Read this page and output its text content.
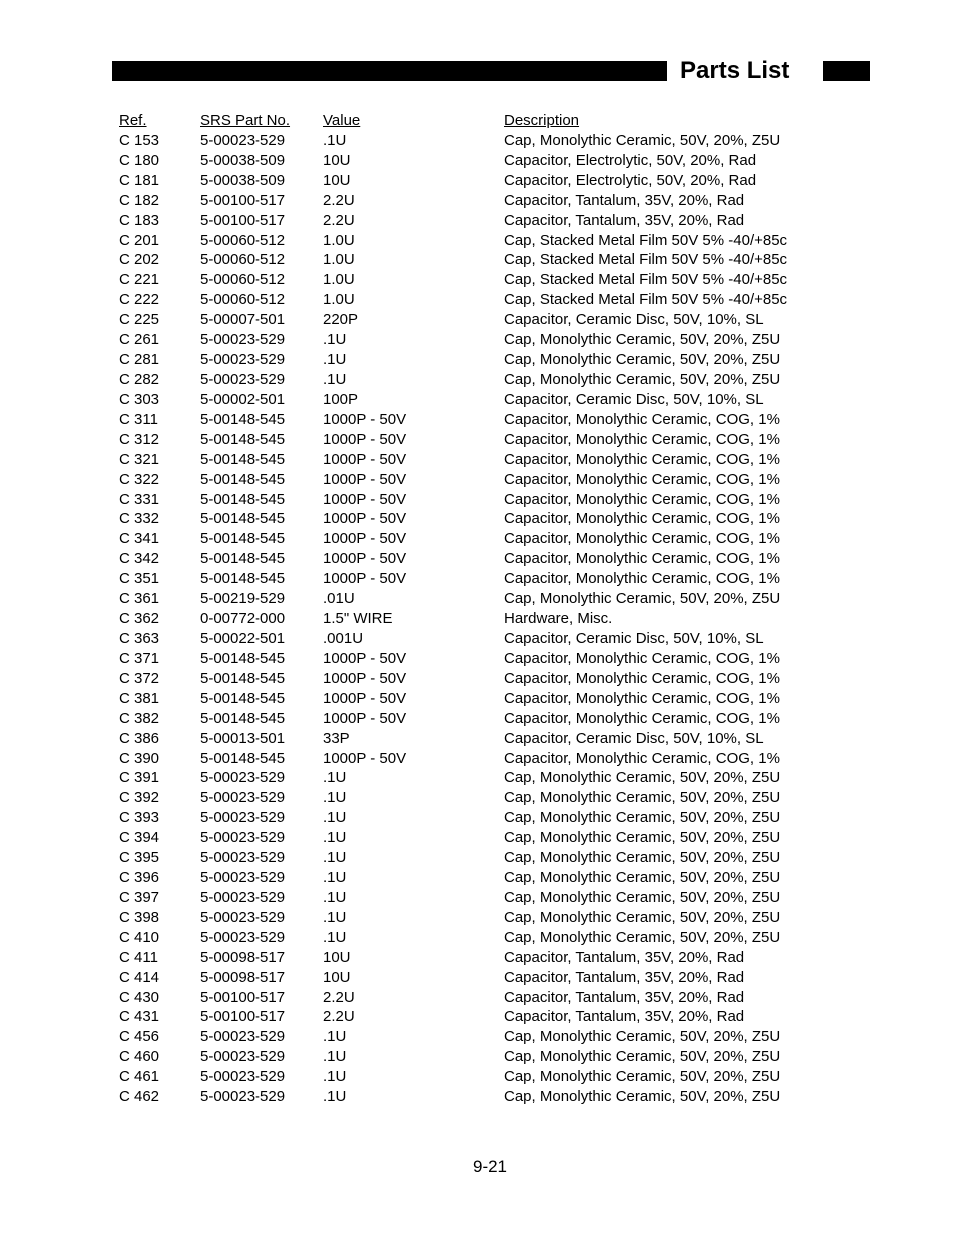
Parts List
Ref.	SRS Part No. Value	Description
C 153	5-00023-529	.1U	Cap, Monolythic Ceramic, 50V, 20%, Z5U
C 180	5-00038-509	10U	Capacitor, Electrolytic, 50V, 20%, Rad
C 181	5-00038-509	10U	Capacitor, Electrolytic, 50V, 20%, Rad
C 182	5-00100-517	2.2U	Capacitor, Tantalum, 35V, 20%, Rad
C 183	5-00100-517	2.2U	Capacitor, Tantalum, 35V, 20%, Rad
C 201	5-00060-512	1.0U	Cap, Stacked Metal Film 50V 5% -40/+85c
C 202	5-00060-512	1.0U	Cap, Stacked Metal Film 50V 5% -40/+85c
C 221	5-00060-512	1.0U	Cap, Stacked Metal Film 50V 5% -40/+85c
C 222	5-00060-512	1.0U	Cap, Stacked Metal Film 50V 5% -40/+85c
C 225	5-00007-501	220P	Capacitor, Ceramic Disc, 50V, 10%, SL
C 261	5-00023-529	.1U	Cap, Monolythic Ceramic, 50V, 20%, Z5U
C 281	5-00023-529	.1U	Cap, Monolythic Ceramic, 50V, 20%, Z5U
C 282	5-00023-529	.1U	Cap, Monolythic Ceramic, 50V, 20%, Z5U
C 303	5-00002-501	100P	Capacitor, Ceramic Disc, 50V, 10%, SL
C 311	5-00148-545	1000P - 50V	Capacitor, Monolythic Ceramic, COG, 1%
C 312	5-00148-545	1000P - 50V	Capacitor, Monolythic Ceramic, COG, 1%
C 321	5-00148-545	1000P - 50V	Capacitor, Monolythic Ceramic, COG, 1%
C 322	5-00148-545	1000P - 50V	Capacitor, Monolythic Ceramic, COG, 1%
C 331	5-00148-545	1000P - 50V	Capacitor, Monolythic Ceramic, COG, 1%
C 332	5-00148-545	1000P - 50V	Capacitor, Monolythic Ceramic, COG, 1%
C 341	5-00148-545	1000P - 50V	Capacitor, Monolythic Ceramic, COG, 1%
C 342	5-00148-545	1000P - 50V	Capacitor, Monolythic Ceramic, COG, 1%
C 351	5-00148-545	1000P - 50V	Capacitor, Monolythic Ceramic, COG, 1%
C 361	5-00219-529	.01U	Cap, Monolythic Ceramic, 50V, 20%, Z5U
C 362	0-00772-000	1.5" WIRE	Hardware, Misc.
C 363	5-00022-501	.001U	Capacitor, Ceramic Disc, 50V, 10%, SL
C 371	5-00148-545	1000P - 50V	Capacitor, Monolythic Ceramic, COG, 1%
C 372	5-00148-545	1000P - 50V	Capacitor, Monolythic Ceramic, COG, 1%
C 381	5-00148-545	1000P - 50V	Capacitor, Monolythic Ceramic, COG, 1%
C 382	5-00148-545	1000P - 50V	Capacitor, Monolythic Ceramic, COG, 1%
C 386	5-00013-501	33P	Capacitor, Ceramic Disc, 50V, 10%, SL
C 390	5-00148-545	1000P - 50V	Capacitor, Monolythic Ceramic, COG, 1%
C 391	5-00023-529	.1U	Cap, Monolythic Ceramic, 50V, 20%, Z5U
C 392	5-00023-529	.1U	Cap, Monolythic Ceramic, 50V, 20%, Z5U
C 393	5-00023-529	.1U	Cap, Monolythic Ceramic, 50V, 20%, Z5U
C 394	5-00023-529	.1U	Cap, Monolythic Ceramic, 50V, 20%, Z5U
C 395	5-00023-529	.1U	Cap, Monolythic Ceramic, 50V, 20%, Z5U
C 396	5-00023-529	.1U	Cap, Monolythic Ceramic, 50V, 20%, Z5U
C 397	5-00023-529	.1U	Cap, Monolythic Ceramic, 50V, 20%, Z5U
C 398	5-00023-529	.1U	Cap, Monolythic Ceramic, 50V, 20%, Z5U
C 410	5-00023-529	.1U	Cap, Monolythic Ceramic, 50V, 20%, Z5U
C 411	5-00098-517	10U	Capacitor, Tantalum, 35V, 20%, Rad
C 414	5-00098-517	10U	Capacitor, Tantalum, 35V, 20%, Rad
C 430	5-00100-517	2.2U	Capacitor, Tantalum, 35V, 20%, Rad
C 431	5-00100-517	2.2U	Capacitor, Tantalum, 35V, 20%, Rad
C 456	5-00023-529	.1U	Cap, Monolythic Ceramic, 50V, 20%, Z5U
C 460	5-00023-529	.1U	Cap, Monolythic Ceramic, 50V, 20%, Z5U
C 461	5-00023-529	.1U	Cap, Monolythic Ceramic, 50V, 20%, Z5U
C 462	5-00023-529	.1U	Cap, Monolythic Ceramic, 50V, 20%, Z5U
9-21
